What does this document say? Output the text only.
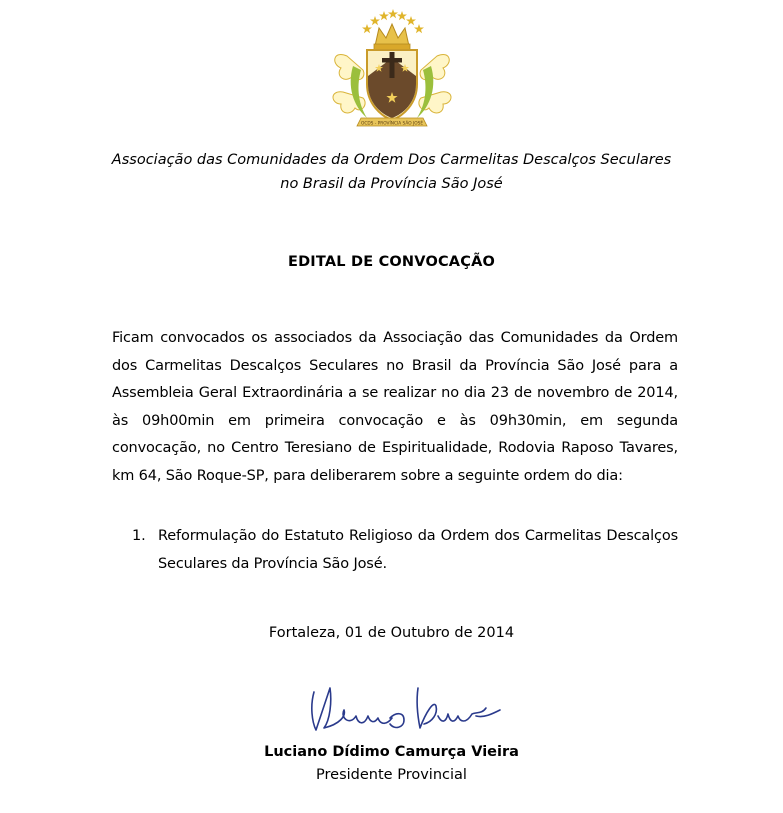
OCDS - PROVÍNCIA SÃO JOSÉ
Associação das Comunidades da Ordem Dos Carmelitas Descalços Seculares
no Brasil da Província São José
EDITAL DE CONVOCAÇÃO
Ficam convocados os associados da Associação das Comunidades da Ordem dos Carmelitas Descalços Seculares no Brasil da Província São José para a Assembleia Geral Extraordinária a se realizar no dia 23 de novembro de 2014, às 09h00min em primeira convocação e às 09h30min, em segunda convocação, no Centro Teresiano de Espiritualidade, Rodovia Raposo Tavares, km 64, São Roque-SP, para deliberarem sobre a seguinte ordem do dia:
1. Reformulação do Estatuto Religioso da Ordem dos Carmelitas Descalços Seculares da Província São José.
Fortaleza, 01 de Outubro de 2014
Luciano Dídimo Camurça Vieira
Presidente Provincial
